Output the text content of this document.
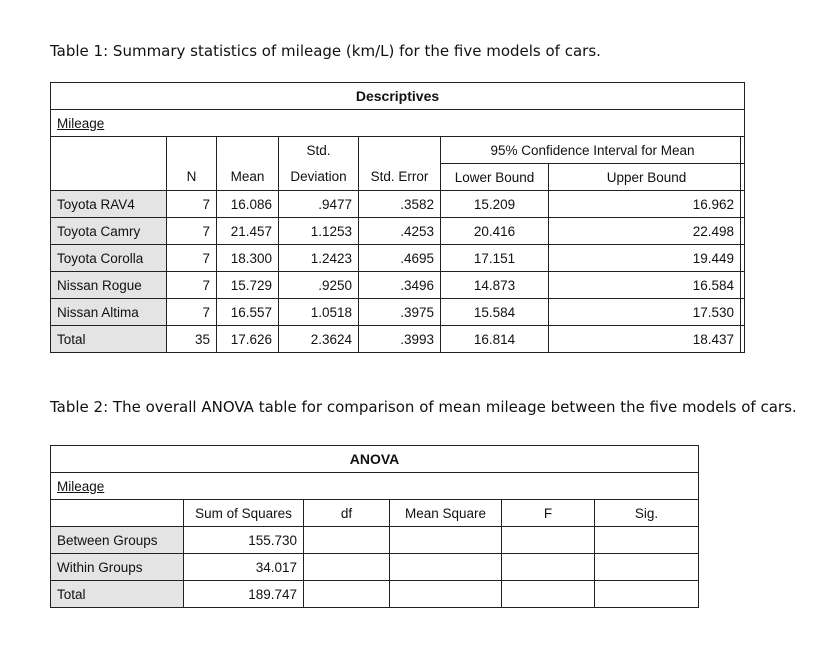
Table 1: Summary statistics of mileage (km/L) for the five models of cars.
Descriptives						
Mileage						
			Std.		95% Confidence Interval for Mean	
	N	Mean	Deviation	Std. Error	Lower Bound	Upper Bound
Toyota RAV4	7	16.086	.9477	.3582	15.209	16.962
Toyota Camry	7	21.457	1.1253	.4253	20.416	22.498
Toyota Corolla	7	18.300	1.2423	.4695	17.151	19.449
Nissan Rogue	7	15.729	.9250	.3496	14.873	16.584
Nissan Altima	7	16.557	1.0518	.3975	15.584	17.530
Total	35	17.626	2.3624	.3993	16.814	18.437
Table 2: The overall ANOVA table for comparison of mean mileage between the five models of cars.
ANOVA					
Mileage					
	Sum of Squares	df	Mean Square	F	Sig.
Between Groups	155.730				
Within Groups	34.017				
Total	189.747				
